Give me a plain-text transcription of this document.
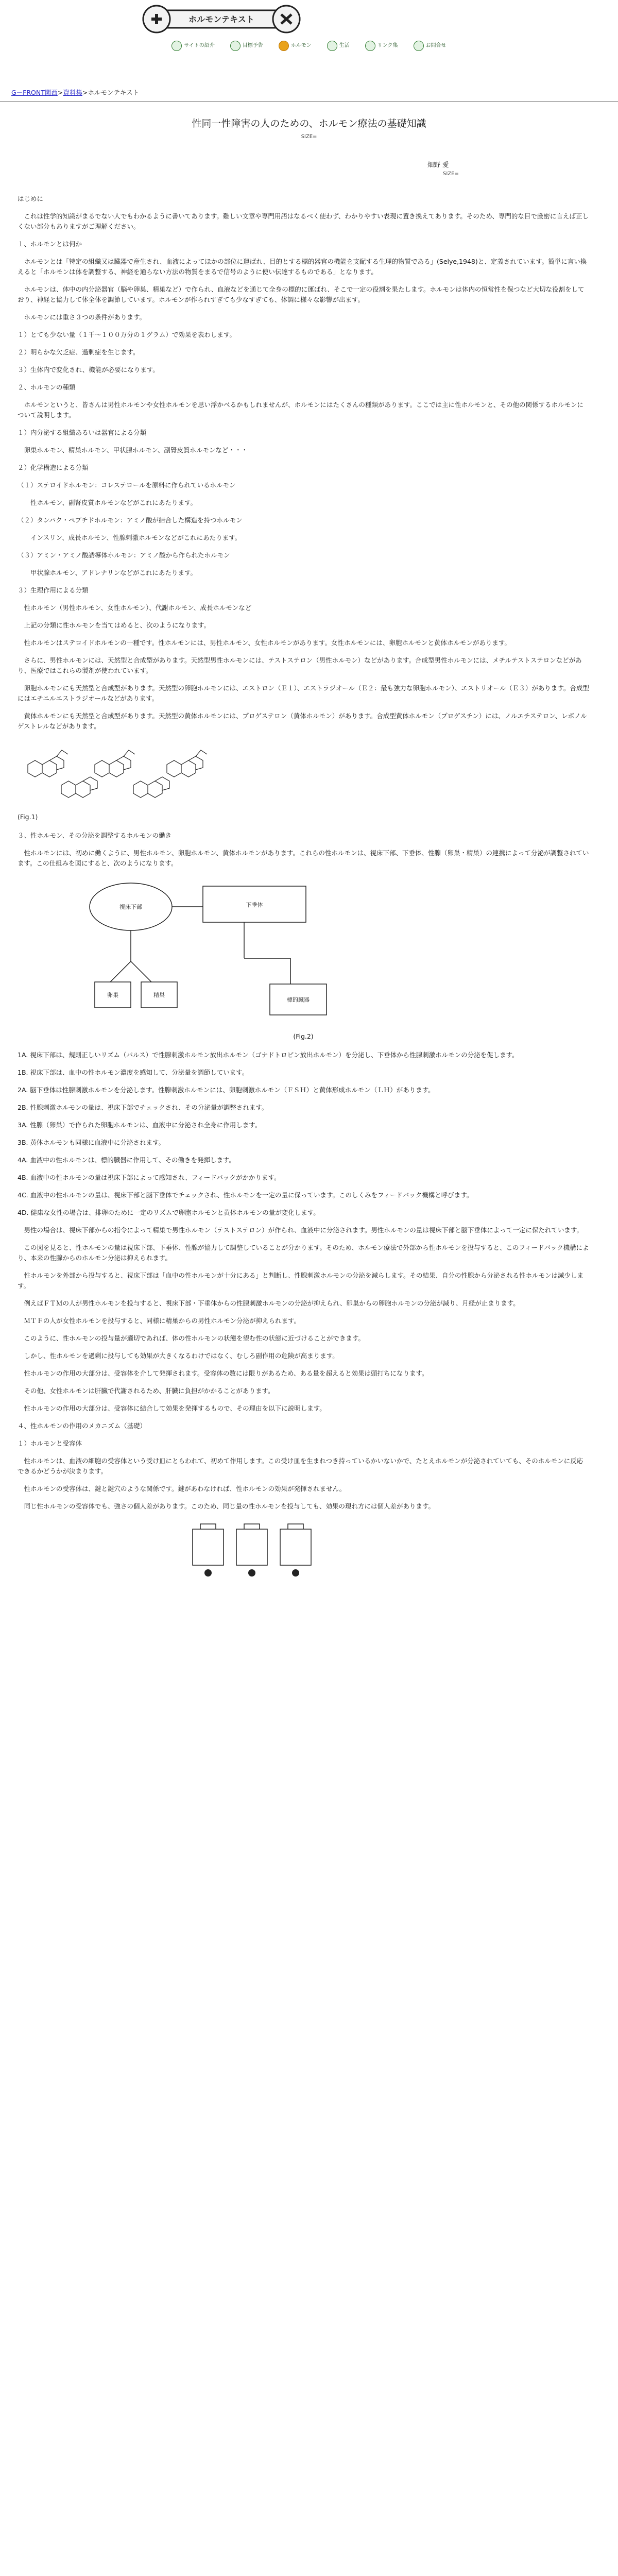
ホルモンテキスト
サイトの紹介	目標予告	ホルモン	生活	リンク集	お問合せ
G－FRONT関西>資料集>ホルモンテキスト
性同一性障害の人のための、ホルモン療法の基礎知識
SIZE=
畑野 愛
SIZE=

はじめに

　これは性学的知識がまるでない人でもわかるように書いてあります。難しい文章や専門用語はなるべく使わず、わかりやすい表現に置き換えてあります。そのため、専門的な目で厳密に言えば正しくない部分もありますがご理解ください。

１、ホルモンとは何か

　ホルモンとは「特定の組織又は臓器で産生され、血液によってほかの部位に運ばれ、目的とする標的器官の機能を支配する生理的物質である」(Selye,1948)と、定義されています。簡単に言い換えると「ホルモンは体を調整する、神経を通らない方法の物質をまるで信号のように使い伝達するものである」となります。

　ホルモンは、体中の内分泌器官（脳や卵巣、精巣など）で作られ、血液などを通じて全身の標的に運ばれ、そこで一定の役割を果たします。ホルモンは体内の恒常性を保つなど大切な役割をしており、神経と協力して体全体を調節しています。ホルモンが作られすぎても少なすぎても、体調に様々な影響が出ます。

　ホルモンには重さ３つの条件があります。

１）とても少ない量（１千～１００万分の１グラム）で効果を表わします。

２）明らかな欠乏症、過剰症を生じます。

３）生体内で変化され、機能が必要になります。

２、ホルモンの種類

　ホルモンというと、皆さんは男性ホルモンや女性ホルモンを思い浮かべるかもしれませんが、ホルモンにはたくさんの種類があります。ここでは主に性ホルモンと、その他の関係するホルモンについて説明します。

１）内分泌する組織あるいは器官による分類

　卵巣ホルモン、精巣ホルモン、甲状腺ホルモン、副腎皮質ホルモンなど・・・

２）化学構造による分類

（１）ステロイドホルモン：コレステロールを原料に作られているホルモン

　　性ホルモン、副腎皮質ホルモンなどがこれにあたります。

（２）タンパク・ペプチドホルモン：アミノ酸が結合した構造を持つホルモン

　　インスリン、成長ホルモン、性腺刺激ホルモンなどがこれにあたります。

（３）アミン・アミノ酸誘導体ホルモン：アミノ酸から作られたホルモン

　　甲状腺ホルモン、アドレナリンなどがこれにあたります。

３）生理作用による分類

　性ホルモン（男性ホルモン、女性ホルモン）、代謝ホルモン、成長ホルモンなど

　上記の分類に性ホルモンを当てはめると、次のようになります。

　性ホルモンはステロイドホルモンの一種です。性ホルモンには、男性ホルモン、女性ホルモンがあります。女性ホルモンには、卵胞ホルモンと黄体ホルモンがあります。

　さらに、男性ホルモンには、天然型と合成型があります。天然型男性ホルモンには、テストステロン（男性ホルモン）などがあります。合成型男性ホルモンには、メチルテストステロンなどがあり、医療ではこれらの製剤が使われています。

　卵胞ホルモンにも天然型と合成型があります。天然型の卵胞ホルモンには、エストロン（Ｅ１）、エストラジオール（Ｅ２：最も強力な卵胞ホルモン）、エストリオール（Ｅ３）があります。合成型にはエチニルエストラジオールなどがあります。

　黄体ホルモンにも天然型と合成型があります。天然型の黄体ホルモンには、プロゲステロン（黄体ホルモン）があります。合成型黄体ホルモン（プロゲスチン）には、ノルエチステロン、レボノルゲストレルなどがあります。

(Fig.1)

３、性ホルモン、その分泌を調整するホルモンの働き

　性ホルモンには、初めに働くように、男性ホルモン、卵胞ホルモン、黄体ホルモンがあります。これらの性ホルモンは、視床下部、下垂体、性腺（卵巣・精巣）の連携によって分泌が調整されています。この仕組みを図にすると、次のようになります。

視床下部	下垂体
卵巣	精巣
標的臓器

(Fig.2)

1A. 視床下部は、規則正しいリズム（パルス）で性腺刺激ホルモン放出ホルモン（ゴナドトロピン放出ホルモン）を分泌し、下垂体から性腺刺激ホルモンの分泌を促します。

1B. 視床下部は、血中の性ホルモン濃度を感知して、分泌量を調節しています。

2A. 脳下垂体は性腺刺激ホルモンを分泌します。性腺刺激ホルモンには、卵胞刺激ホルモン（ＦＳＨ）と黄体形成ホルモン（ＬＨ）があります。

2B. 性腺刺激ホルモンの量は、視床下部でチェックされ、その分泌量が調整されます。

3A. 性腺（卵巣）で作られた卵胞ホルモンは、血液中に分泌され全身に作用します。

3B. 黄体ホルモンも同様に血液中に分泌されます。

4A. 血液中の性ホルモンは、標的臓器に作用して、その働きを発揮します。

4B. 血液中の性ホルモンの量は視床下部によって感知され、フィードバックがかかります。

4C. 血液中の性ホルモンの量は、視床下部と脳下垂体でチェックされ、性ホルモンを一定の量に保っています。このしくみをフィードバック機構と呼びます。

4D. 健康な女性の場合は、排卵のために一定のリズムで卵胞ホルモンと黄体ホルモンの量が変化します。

　男性の場合は、視床下部からの指令によって精巣で男性ホルモン（テストステロン）が作られ、血液中に分泌されます。男性ホルモンの量は視床下部と脳下垂体によって一定に保たれています。

　この図を見ると、性ホルモンの量は視床下部、下垂体、性腺が協力して調整していることが分かります。そのため、ホルモン療法で外部から性ホルモンを投与すると、このフィードバック機構により、本来の性腺からのホルモン分泌は抑えられます。

　性ホルモンを外部から投与すると、視床下部は「血中の性ホルモンが十分にある」と判断し、性腺刺激ホルモンの分泌を減らします。その結果、自分の性腺から分泌される性ホルモンは減少します。

　例えばＦＴＭの人が男性ホルモンを投与すると、視床下部・下垂体からの性腺刺激ホルモンの分泌が抑えられ、卵巣からの卵胞ホルモンの分泌が減り、月経が止まります。

　ＭＴＦの人が女性ホルモンを投与すると、同様に精巣からの男性ホルモン分泌が抑えられます。

　このように、性ホルモンの投与量が適切であれば、体の性ホルモンの状態を望む性の状態に近づけることができます。

　しかし、性ホルモンを過剰に投与しても効果が大きくなるわけではなく、むしろ副作用の危険が高まります。

　性ホルモンの作用の大部分は、受容体を介して発揮されます。受容体の数には限りがあるため、ある量を超えると効果は頭打ちになります。

　その他、女性ホルモンは肝臓で代謝されるため、肝臓に負担がかかることがあります。

　性ホルモンの作用の大部分は、受容体に結合して効果を発揮するもので、その理由を以下に説明します。

４、性ホルモンの作用のメカニズム（基礎）

１）ホルモンと受容体

　性ホルモンは、血液の細胞の受容体という受け皿にとらわれて、初めて作用します。この受け皿を生まれつき持っているかいないかで、たとえホルモンが分泌されていても、そのホルモンに反応できるかどうかが決まります。

　性ホルモンの受容体は、鍵と鍵穴のような関係です。鍵があわなければ、性ホルモンの効果が発揮されません。

　同じ性ホルモンの受容体でも、強さの個人差があります。このため、同じ量の性ホルモンを投与しても、効果の現れ方には個人差があります。
